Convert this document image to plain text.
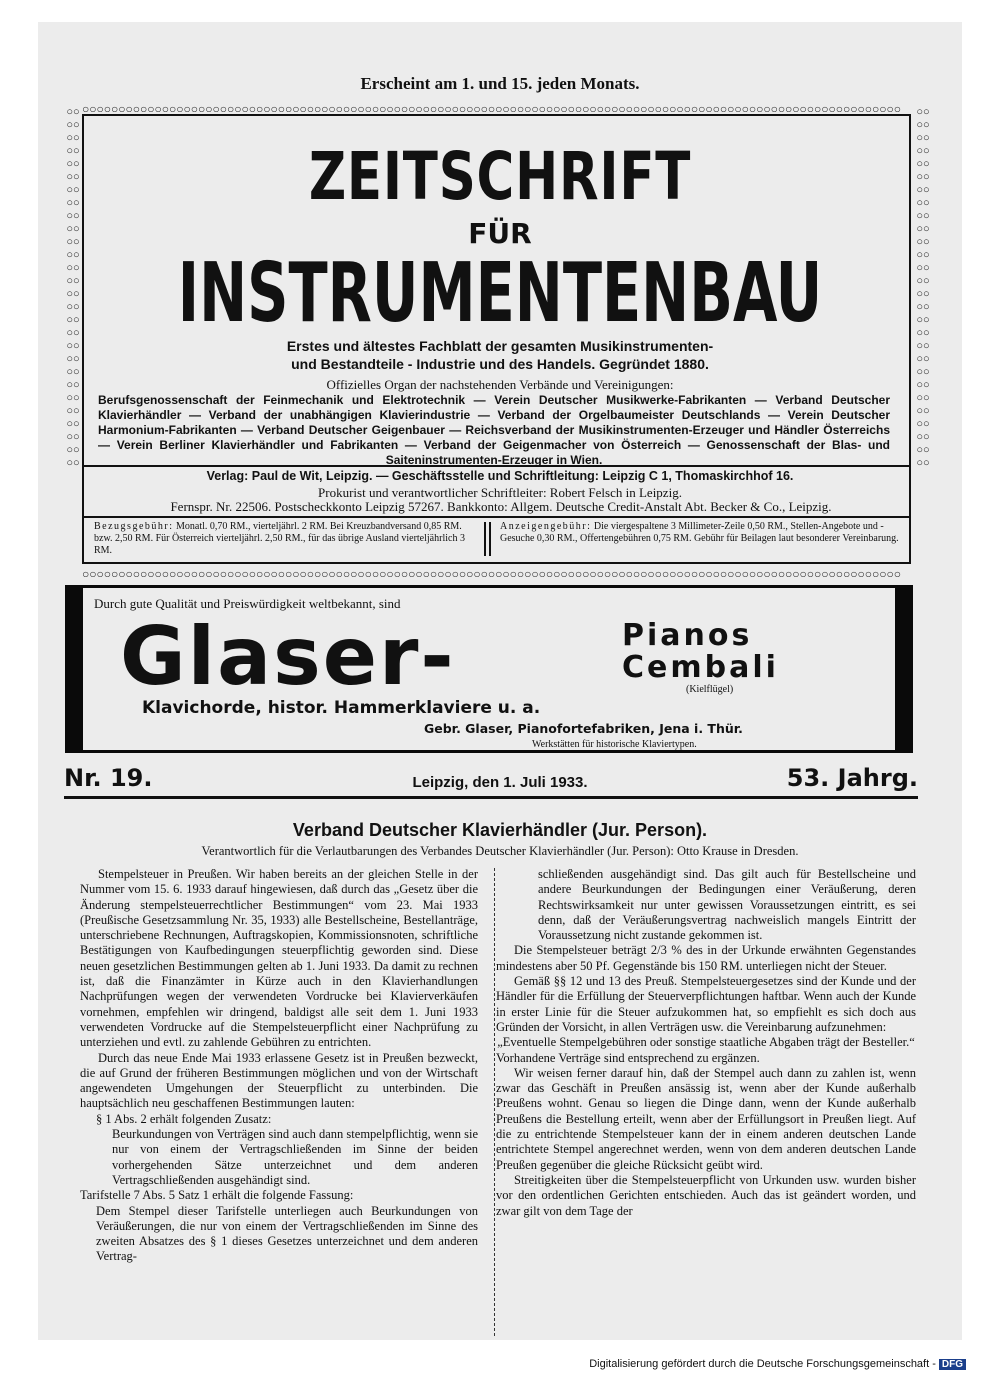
Erscheint am 1. und 15. jeden Monats.
○○○○○○○○○○○○○○○○○○○○○○○○○○○○○○○○○○○○○○○○○○○○○○○○○○○○○○○○○○○○○○○○○○○○○○○○○○○○○○○○○○○○○○○○○○○○○○○○○○○○○○○○○○○○○○○○○
○○○○○○○○○○○○○○○○○○○○○○○○○○○○○○○○○○○○○○○○○○○○○○○○○○○○○○○○○○○○○○○○○○○○○○○○○○○○○○○○○○○○○○○○○○○○○○○○○○○○○○○○○○○○○○○○○
○○○○○○○○○○○○○○○○○○○○○○○○○○○○○○○○○○○○○○○○○○○○○○○○○○○○○○○○
○○○○○○○○○○○○○○○○○○○○○○○○○○○○○○○○○○○○○○○○○○○○○○○○○○○○○○○○
ZEITSCHRIFT
FÜR
INSTRUMENTENBAU
Erstes und ältestes Fachblatt der gesamten Musikinstrumenten-
und Bestandteile - Industrie und des Handels. Gegründet 1880.
Offizielles Organ der nachstehenden Verbände und Vereinigungen:
Berufsgenossenschaft der Feinmechanik und Elektrotechnik — Verein Deutscher Musikwerke-Fabrikanten — Verband Deutscher Klavierhändler — Verband der unabhängigen Klavierindustrie — Verband der Orgelbaumeister Deutschlands — Verein Deutscher Harmonium-Fabrikanten — Verband Deutscher Geigenbauer — Reichsverband der Musikinstrumenten-Erzeuger und Händler Österreichs — Verein Berliner Klavierhändler und Fabrikanten — Verband der Geigenmacher von Österreich — Genossenschaft der Blas- und Saiteninstrumenten-Erzeuger in Wien.
Verlag: Paul de Wit, Leipzig. — Geschäftsstelle und Schriftleitung: Leipzig C 1, Thomaskirchhof 16.
Prokurist und verantwortlicher Schriftleiter: Robert Felsch in Leipzig.
Fernspr. Nr. 22506. Postscheckkonto Leipzig 57267. Bankkonto: Allgem. Deutsche Credit-Anstalt Abt. Becker & Co., Leipzig.
Bezugsgebühr: Monatl. 0,70 RM., vierteljährl. 2 RM. Bei Kreuzbandversand 0,85 RM. bzw. 2,50 RM. Für Österreich vierteljährl. 2,50 RM., für das übrige Ausland vierteljährlich 3 RM.
Anzeigengebühr: Die viergespaltene 3 Millimeter-Zeile 0,50 RM., Stellen-Angebote und -Gesuche 0,30 RM., Offertengebühren 0,75 RM. Gebühr für Beilagen laut besonderer Vereinbarung.
Durch gute Qualität und Preiswürdigkeit weltbekannt, sind
Glaser-	Pianos
Cembali
(Kielflügel)
Klavichorde, histor. Hammerklaviere u. a.
Gebr. Glaser, Pianofortefabriken, Jena i. Thür.
Werkstätten für historische Klaviertypen.
Nr. 19.	Leipzig, den 1. Juli 1933.	53. Jahrg.
Verband Deutscher Klavierhändler (Jur. Person).
Verantwortlich für die Verlautbarungen des Verbandes Deutscher Klavierhändler (Jur. Person): Otto Krause in Dresden.

Stempelsteuer in Preußen. Wir haben bereits an der gleichen Stelle in der Nummer vom 15. 6. 1933 darauf hingewiesen, daß durch das „Gesetz über die Änderung stempelsteuerrechtlicher Bestimmungen“ vom 23. Mai 1933 (Preußische Gesetzsammlung Nr. 35, 1933) alle Bestellscheine, Bestellanträge, unterschriebene Rechnungen, Auftragskopien, Kommissionsnoten, schriftliche Bestätigungen von Kaufbedingungen steuerpflichtig geworden sind. Diese neuen gesetzlichen Bestimmungen gelten ab 1. Juni 1933. Da damit zu rechnen ist, daß die Finanzämter in Kürze auch in den Klavierhandlungen Nachprüfungen wegen der verwendeten Vordrucke bei Klavierverkäufen vornehmen, empfehlen wir dringend, baldigst alle seit dem 1. Juni 1933 verwendeten Vordrucke auf die Stempelsteuerpflicht einer Nachprüfung zu unterziehen und evtl. zu zahlende Gebühren zu entrichten.

Durch das neue Ende Mai 1933 erlassene Gesetz ist in Preußen bezweckt, die auf Grund der früheren Bestimmungen möglichen und von der Wirtschaft angewendeten Umgehungen der Steuerpflicht zu unterbinden. Die hauptsächlich neu geschaffenen Bestimmungen lauten:

§ 1 Abs. 2 erhält folgenden Zusatz:

Beurkundungen von Verträgen sind auch dann stempelpflichtig, wenn sie nur von einem der Vertragschließenden im Sinne der beiden vorhergehenden Sätze unterzeichnet und dem anderen Vertragschließenden ausgehändigt sind.

Tarifstelle 7 Abs. 5 Satz 1 erhält die folgende Fassung:

Dem Stempel dieser Tarifstelle unterliegen auch Beurkundungen von Veräußerungen, die nur von einem der Vertragschließenden im Sinne des zweiten Absatzes des § 1 dieses Gesetzes unterzeichnet und dem anderen Vertrag-

schließenden ausgehändigt sind. Das gilt auch für Bestellscheine und andere Beurkundungen der Bedingungen einer Veräußerung, deren Rechtswirksamkeit nur unter gewissen Voraussetzungen eintritt, es sei denn, daß der Veräußerungsvertrag nachweislich mangels Eintritt der Voraussetzung nicht zustande gekommen ist.

Die Stempelsteuer beträgt 2/3 % des in der Urkunde erwähnten Gegenstandes mindestens aber 50 Pf. Gegenstände bis 150 RM. unterliegen nicht der Steuer.

Gemäß §§ 12 und 13 des Preuß. Stempelsteuergesetzes sind der Kunde und der Händler für die Erfüllung der Steuerverpflichtungen haftbar. Wenn auch der Kunde in erster Linie für die Steuer aufzukommen hat, so empfiehlt es sich doch aus Gründen der Vorsicht, in allen Verträgen usw. die Vereinbarung aufzunehmen:

„Eventuelle Stempelgebühren oder sonstige staatliche Abgaben trägt der Besteller.“

Vorhandene Verträge sind entsprechend zu ergänzen.

Wir weisen ferner darauf hin, daß der Stempel auch dann zu zahlen ist, wenn zwar das Geschäft in Preußen ansässig ist, wenn aber der Kunde außerhalb Preußens wohnt. Genau so liegen die Dinge dann, wenn der Kunde außerhalb Preußens die Bestellung erteilt, wenn aber der Erfüllungsort in Preußen liegt. Auf die zu entrichtende Stempelsteuer kann der in einem anderen deutschen Lande entrichtete Stempel angerechnet werden, wenn von dem anderen deutschen Lande Preußen gegenüber die gleiche Rücksicht geübt wird.

Streitigkeiten über die Stempelsteuerpflicht von Urkunden usw. wurden bisher vor den ordentlichen Gerichten entschieden. Auch das ist geändert worden, und zwar gilt von dem Tage der

Digitalisierung gefördert durch die Deutsche Forschungsgemeinschaft - DFG
